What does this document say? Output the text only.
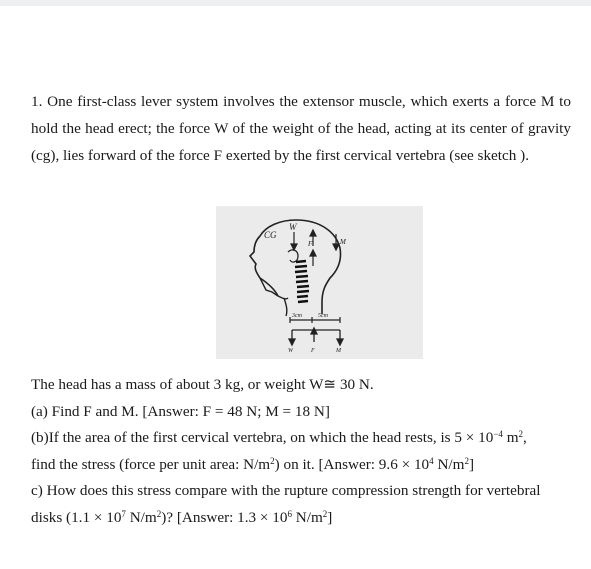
1. One first-class lever system involves the extensor muscle, which exerts a force M to hold the head erect; the force W of the weight of the head, acting at its center of gravity (cg), lies forward of the force F exerted by the first cervical vertebra (see sketch ).

CG
W
F	M
3cm	5cm
W	F	M

The head has a mass of about 3 kg, or weight W≅ 30 N.

(a) Find F and M. [Answer: F = 48 N; M = 18 N]

(b)If the area of the first cervical vertebra, on which the head rests, is $5 \times 10^{-4}$ $m^2$,

find the stress (force per unit area: $N/m^2$) on it. [Answer: $9.6 \times 10^4$ $N/m^2$]

c) How does this stress compare with the rupture compression strength for vertebral

disks ($1.1 \times 10^7$ $N/m^2$)? [Answer: $1.3 \times 10^6$ $N/m^2$]
